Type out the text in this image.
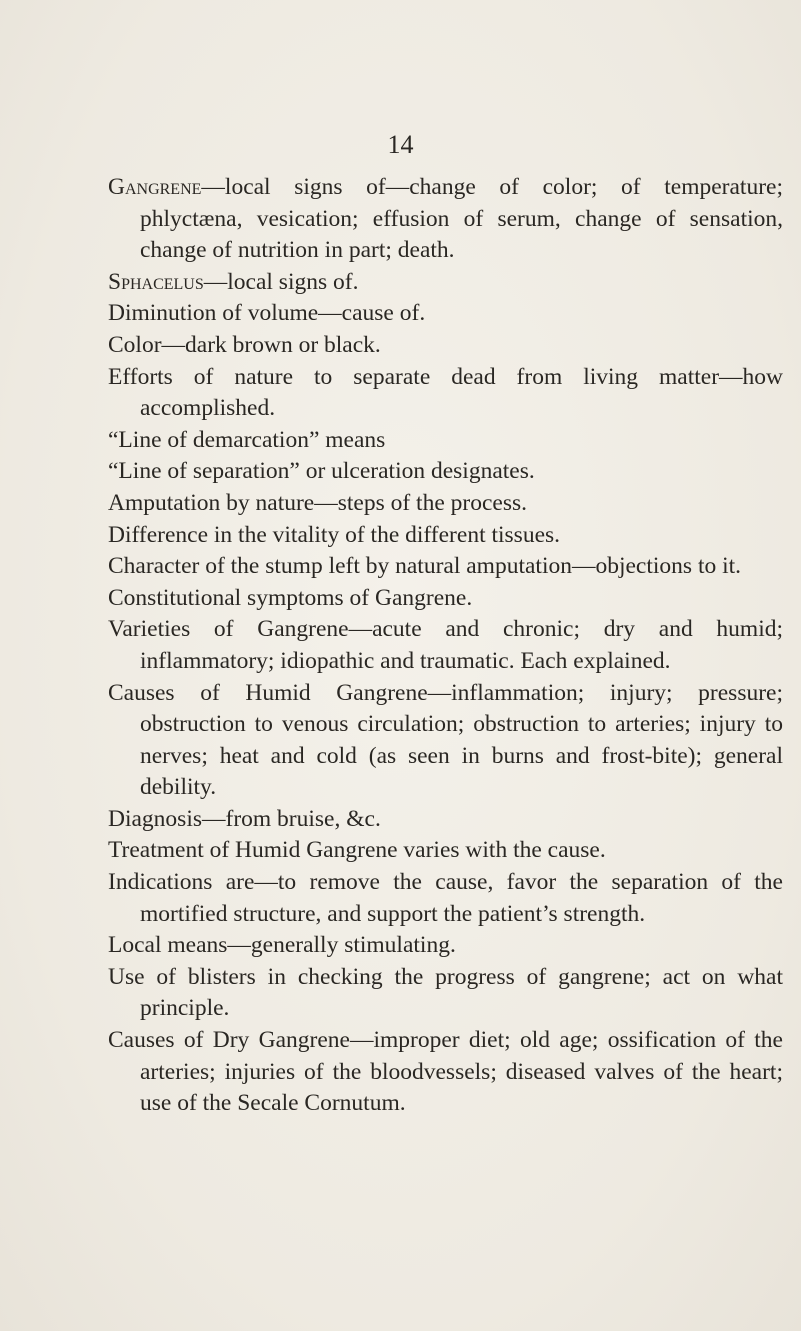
14
Gangrene—local signs of—change of color; of temperature; phlyctæna, vesication; effusion of serum, change of sensation, change of nutrition in part; death.
Sphacelus—local signs of.
Diminution of volume—cause of.
Color—dark brown or black.
Efforts of nature to separate dead from living matter—how accomplished.
“Line of demarcation” means
“Line of separation” or ulceration designates.
Amputation by nature—steps of the process.
Difference in the vitality of the different tissues.
Character of the stump left by natural amputation—objections to it.
Constitutional symptoms of Gangrene.
Varieties of Gangrene—acute and chronic; dry and humid; inflammatory; idiopathic and traumatic. Each explained.
Causes of Humid Gangrene—inflammation; injury; pressure; obstruction to venous circulation; obstruction to arteries; injury to nerves; heat and cold (as seen in burns and frost-bite); general debility.
Diagnosis—from bruise, &c.
Treatment of Humid Gangrene varies with the cause.
Indications are—to remove the cause, favor the separation of the mortified structure, and support the patient’s strength.
Local means—generally stimulating.
Use of blisters in checking the progress of gangrene; act on what principle.
Causes of Dry Gangrene—improper diet; old age; ossification of the arteries; injuries of the bloodvessels; diseased valves of the heart; use of the Secale Cornutum.
